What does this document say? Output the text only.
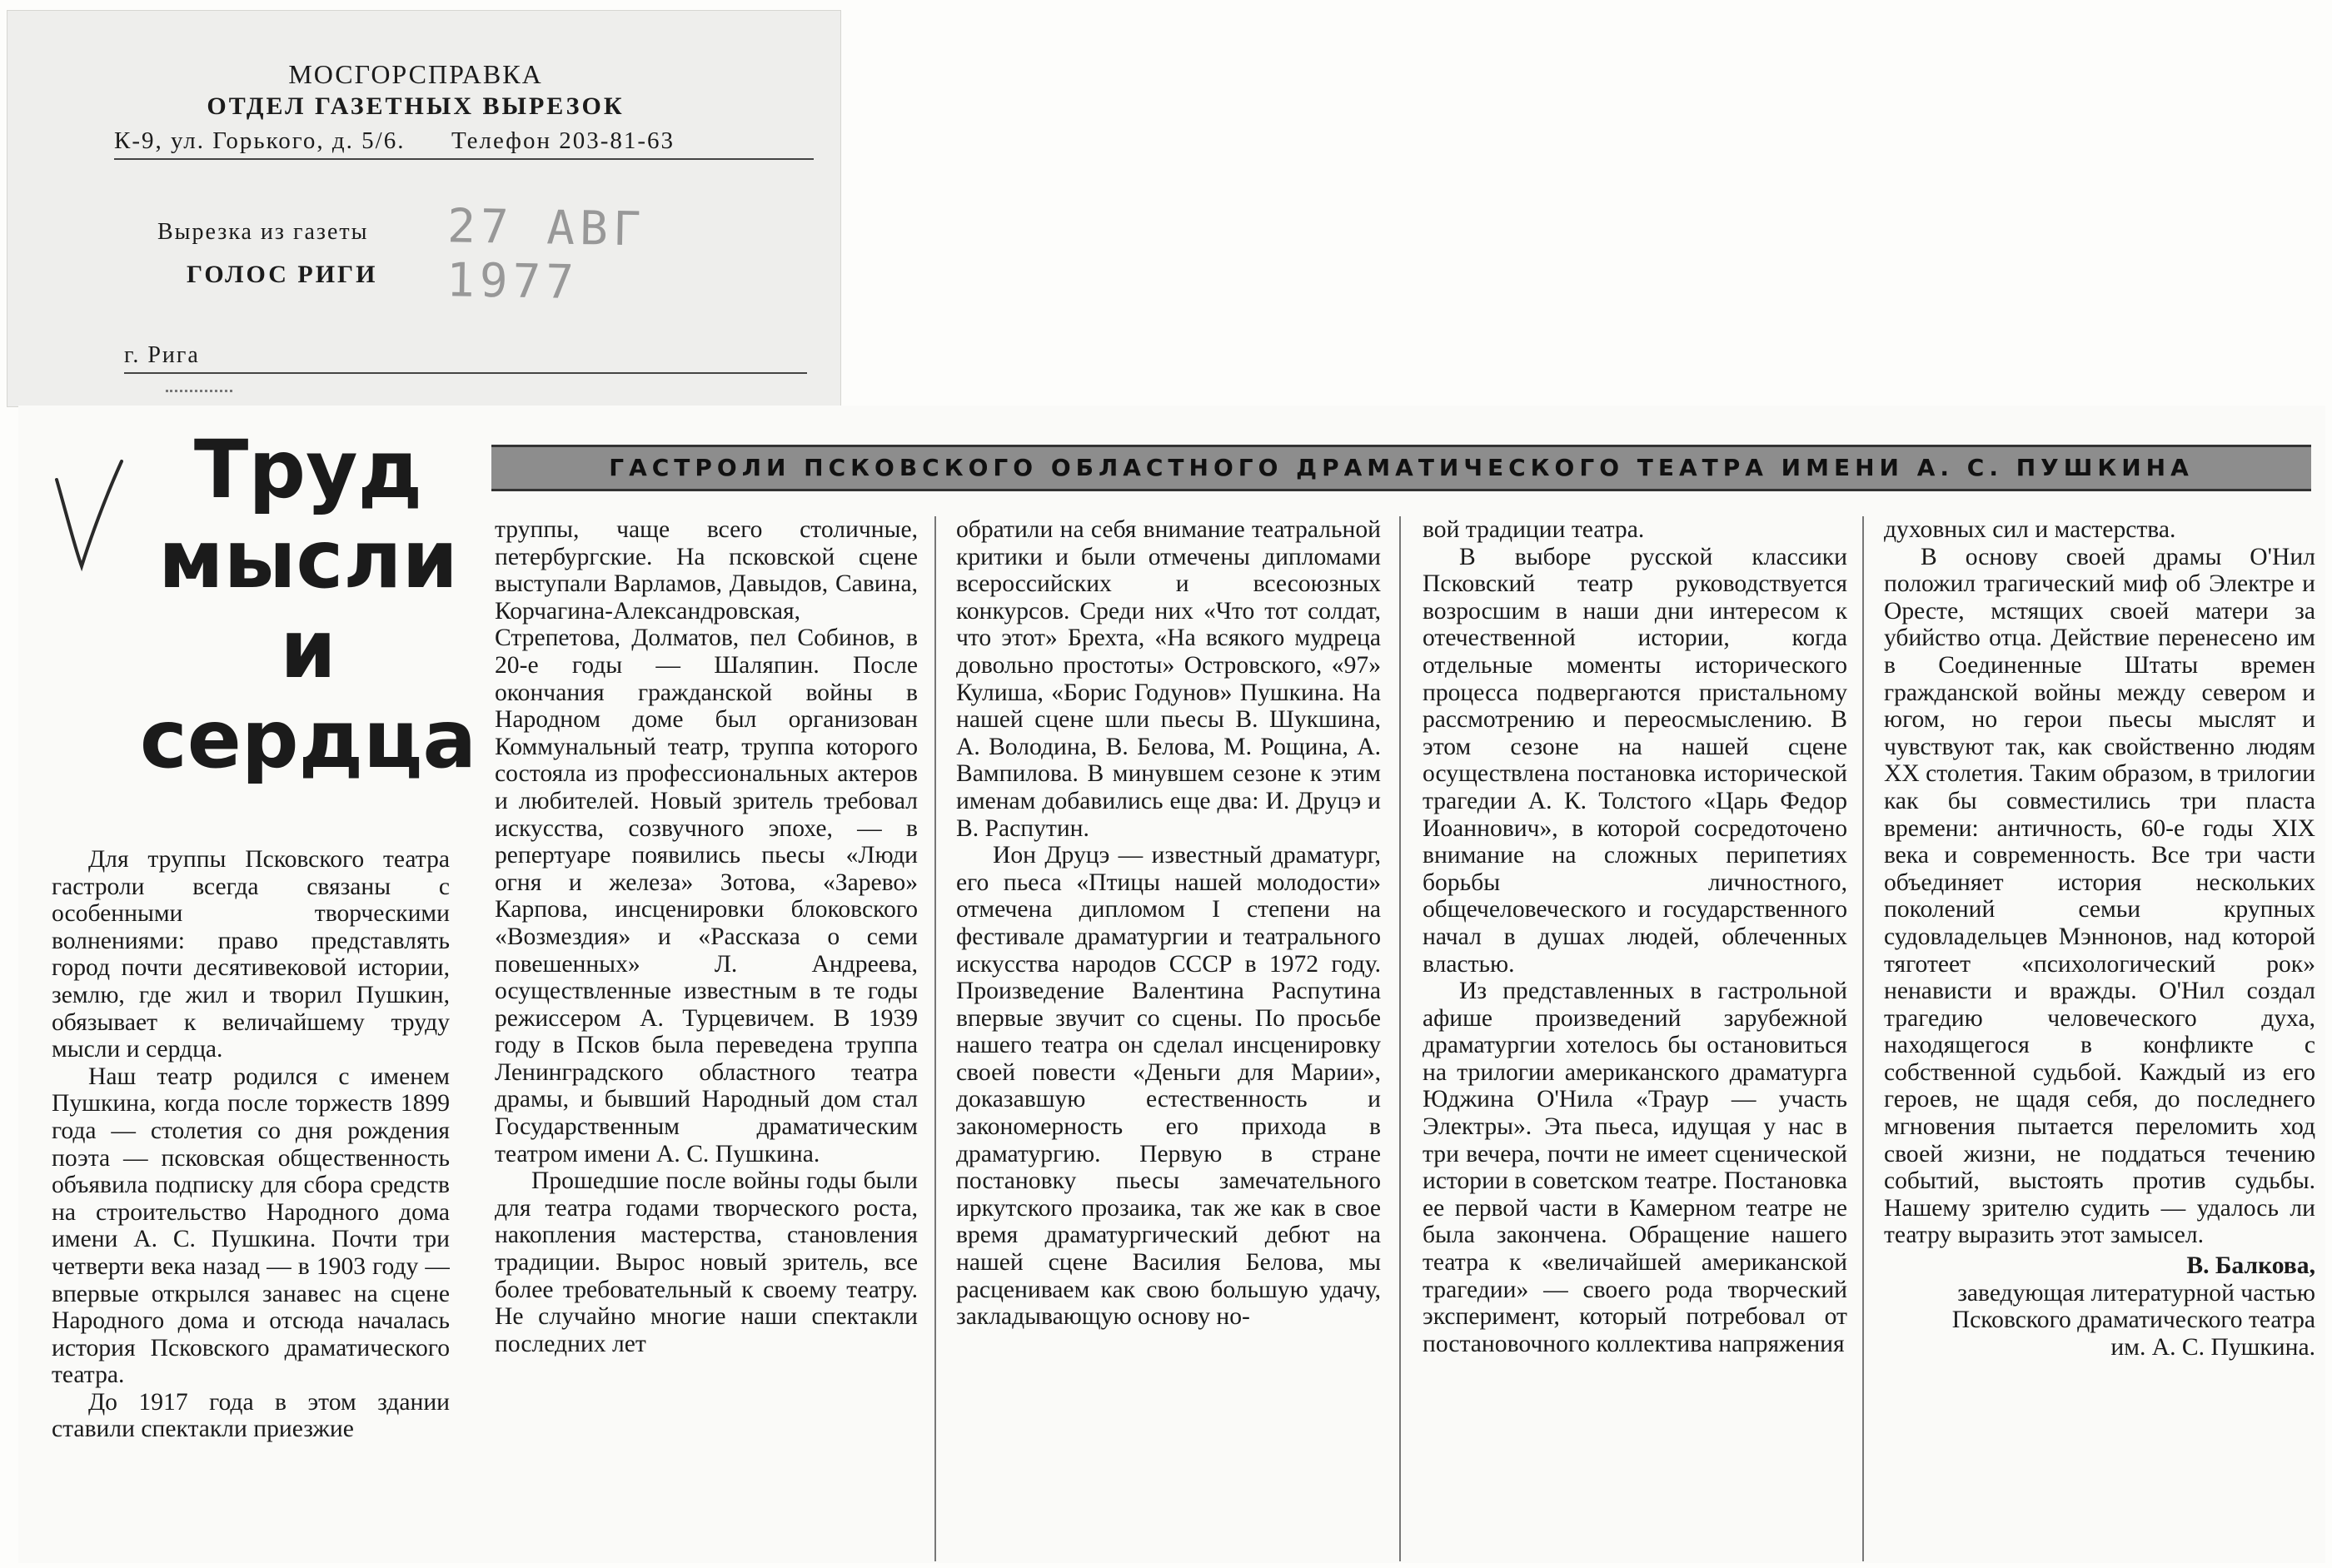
МОСГОРСПРАВКА
ОТДЕЛ ГАЗЕТНЫХ ВЫРЕЗОК
К-9, ул. Горького, д. 5/6. Телефон 203-81-63
Вырезка из газеты
ГОЛОС РИГИ
27 АВГ 1977
г. Рига
Труд
мысли
и
сердца
ГАСТРОЛИ ПСКОВСКОГО ОБЛАСТНОГО ДРАМАТИЧЕСКОГО ТЕАТРА ИМЕНИ А. С. ПУШКИНА

Для труппы Псковского театра гастроли всегда связаны с особенными творческими волнениями: право представлять город почти десятивековой истории, землю, где жил и творил Пушкин, обязывает к величайшему труду мысли и сердца.

Наш театр родился с именем Пушкина, когда после торжеств 1899 года — столетия со дня рождения поэта — псковская общественность объявила подписку для сбора средств на строительство Народного дома имени А. С. Пушкина. Почти три четверти века назад — в 1903 году — впервые открылся занавес на сцене Народного дома и отсюда началась история Псковского драматического театра.

До 1917 года в этом здании ставили спектакли приезжие

труппы, чаще всего столичные, петербургские. На псковской сцене выступали Варламов, Давыдов, Савина, Корчагина-Александровская, Стрепетова, Долматов, пел Собинов, в 20-е годы — Шаляпин. После окончания гражданской войны в Народном доме был организован Коммунальный театр, труппа которого состояла из профессиональных актеров и любителей. Новый зритель требовал искусства, созвучного эпохе, — в репертуаре появились пьесы «Люди огня и железа» Зотова, «Зарево» Карпова, инсценировки блоковского «Возмездия» и «Рассказа о семи повешенных» Л. Андреева, осуществленные известным в те годы режиссером А. Турцевичем. В 1939 году в Псков была переведена труппа Ленинградского областного театра драмы, и бывший Народный дом стал Государственным драматическим театром имени А. С. Пушкина.

Прошедшие после войны годы были для театра годами творческого роста, накопления мастерства, становления традиции. Вырос новый зритель, все более требовательный к своему театру. Не случайно многие наши спектакли последних лет

обратили на себя внимание театральной критики и были отмечены дипломами всероссийских и всесоюзных конкурсов. Среди них «Что тот солдат, что этот» Брехта, «На всякого мудреца довольно простоты» Островского, «97» Кулиша, «Борис Годунов» Пушкина. На нашей сцене шли пьесы В. Шукшина, А. Володина, В. Белова, М. Рощина, А. Вампилова. В минувшем сезоне к этим именам добавились еще два: И. Друцэ и В. Распутин.

Ион Друцэ — известный драматург, его пьеса «Птицы нашей молодости» отмечена дипломом I степени на фестивале драматургии и театрального искусства народов СССР в 1972 году. Произведение Валентина Распутина впервые звучит со сцены. По просьбе нашего театра он сделал инсценировку своей повести «Деньги для Марии», доказавшую естественность и закономерность его прихода в драматургию. Первую в стране постановку пьесы замечательного иркутского прозаика, так же как в свое время драматургический дебют на нашей сцене Василия Белова, мы расцениваем как свою большую удачу, закладывающую основу но-

вой традиции театра.

В выборе русской классики Псковский театр руководствуется возросшим в наши дни интересом к отечественной истории, когда отдельные моменты исторического процесса подвергаются пристальному рассмотрению и переосмыслению. В этом сезоне на нашей сцене осуществлена постановка исторической трагедии А. К. Толстого «Царь Федор Иоаннович», в которой сосредоточено внимание на сложных перипетиях борьбы личностного, общечеловеческого и государственного начал в душах людей, облеченных властью.

Из представленных в гастрольной афише произведений зарубежной драматургии хотелось бы остановиться на трилогии американского драматурга Юджина О'Нила «Траур — участь Электры». Эта пьеса, идущая у нас в три вечера, почти не имеет сценической истории в советском театре. Постановка ее первой части в Камерном театре не была закончена. Обращение нашего театра к «величайшей американской трагедии» — своего рода творческий эксперимент, который потребовал от постановочного коллектива напряжения

духовных сил и мастерства.

В основу своей драмы О'Нил положил трагический миф об Электре и Оресте, мстящих своей матери за убийство отца. Действие перенесено им в Соединенные Штаты времен гражданской войны между севером и югом, но герои пьесы мыслят и чувствуют так, как свойственно людям XX столетия. Таким образом, в трилогии как бы совместились три пласта времени: античность, 60-е годы XIX века и современность. Все три части объединяет история нескольких поколений семьи крупных судовладельцев Мэннонов, над которой тяготеет «психологический рок» ненависти и вражды. О'Нил создал трагедию человеческого духа, находящегося в конфликте с собственной судьбой. Каждый из его героев, не щадя себя, до последнего мгновения пытается переломить ход своей жизни, не поддаться течению событий, выстоять против судьбы. Нашему зрителю судить — удалось ли театру выразить этот замысел.

В. Балкова,

заведующая литературной частью Псковского драматического театра им. А. С. Пушкина.
